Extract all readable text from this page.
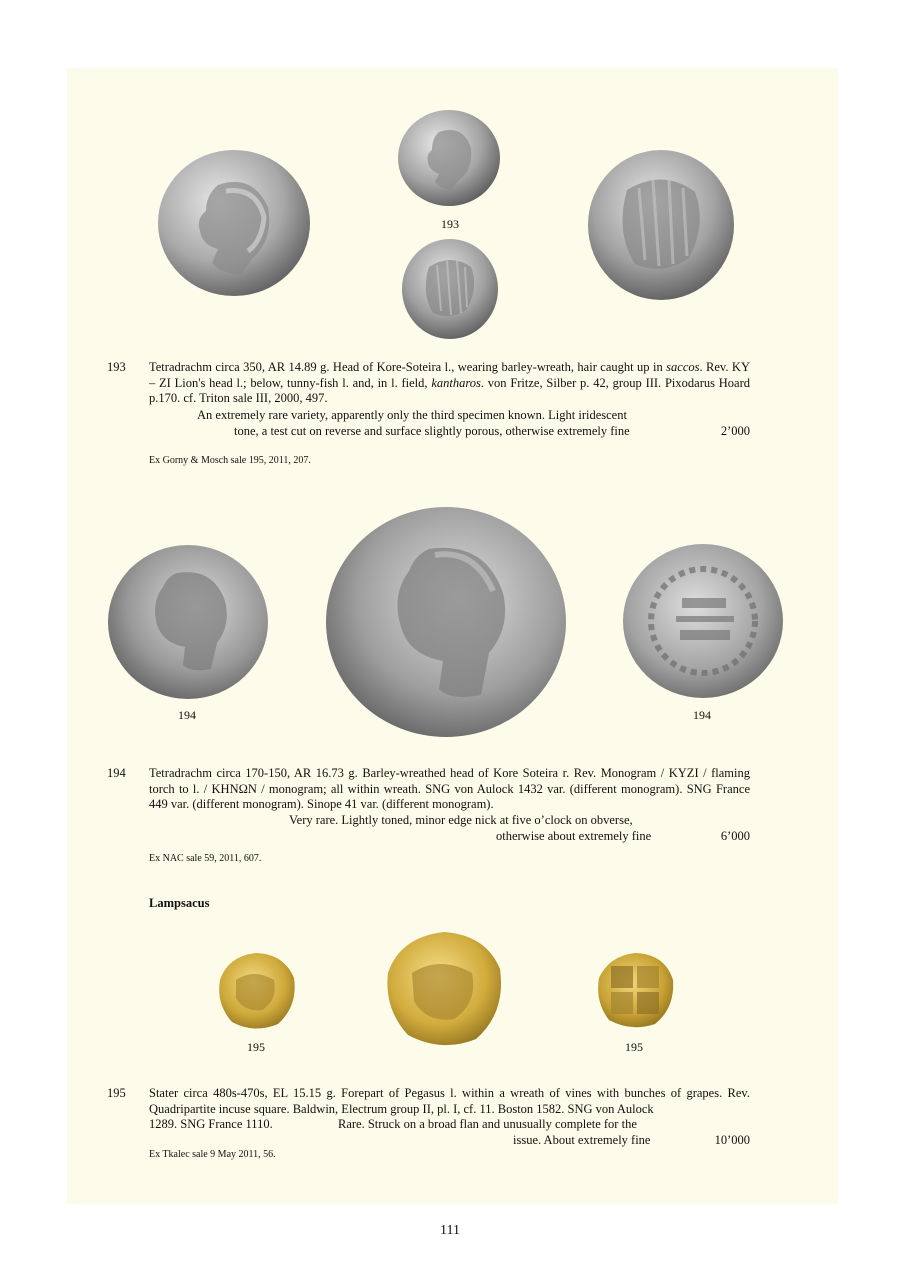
193
193 Tetradrachm circa 350, AR 14.89 g. Head of Kore-Soteira l., wearing barley-wreath, hair caught up in saccos. Rev. KY – ZI Lion's head l.; below, tunny-fish l. and, in l. field, kantharos. von Fritze, Silber p. 42, group III. Pixodarus Hoard p.170. cf. Triton sale III, 2000, 497.
An extremely rare variety, apparently only the third specimen known. Light iridescent
tone, a test cut on reverse and surface slightly porous, otherwise extremely fine	2’000
Ex Gorny & Mosch sale 195, 2011, 207.
194	194
194 Tetradrachm circa 170-150, AR 16.73 g. Barley-wreathed head of Kore Soteira r. Rev. Monogram / KYZI / flaming torch to l. / KHNΩN / monogram; all within wreath. SNG von Aulock 1432 var. (different monogram). SNG France 449 var. (different monogram). Sinope 41 var. (different monogram).
Very rare. Lightly toned, minor edge nick at five o’clock on obverse,
otherwise about extremely fine	6’000
Ex NAC sale 59, 2011, 607.
Lampsacus
195	195
195 Stater circa 480s-470s, EL 15.15 g. Forepart of Pegasus l. within a wreath of vines with bunches of grapes. Rev. Quadripartite incuse square. Baldwin, Electrum group II, pl. I, cf. 11. Boston 1582. SNG von Aulock
1289. SNG France 1110.	Rare. Struck on a broad flan and unusually complete for the
issue. About extremely fine	10’000
Ex Tkalec sale 9 May 2011, 56.
111
